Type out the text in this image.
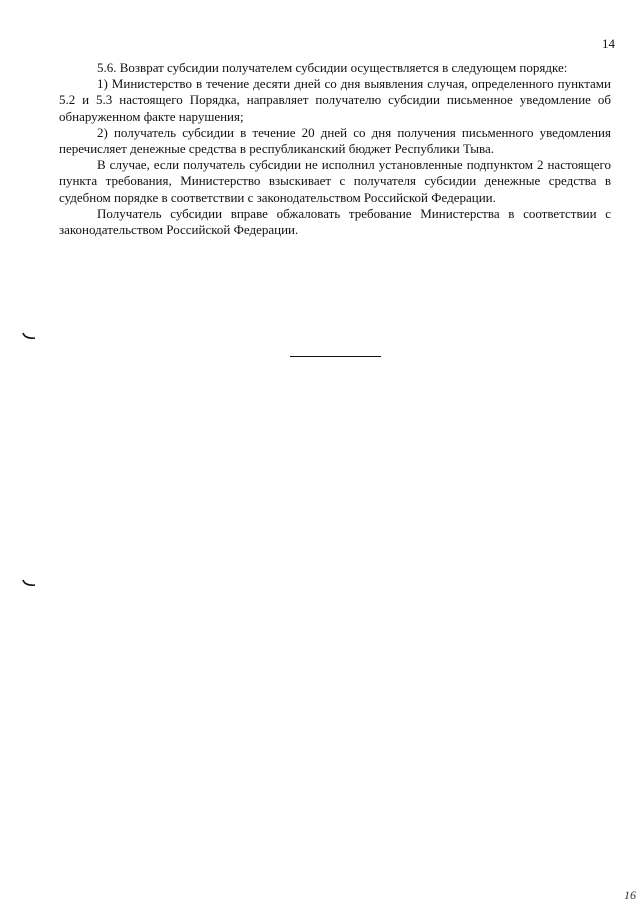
14

5.6. Возврат субсидии получателем субсидии осуществляется в следующем порядке:

1) Министерство в течение десяти дней со дня выявления случая, определенного пунктами 5.2 и 5.3 настоящего Порядка, направляет получателю субсидии письменное уведомление об обнаруженном факте нарушения;

2) получатель субсидии в течение 20 дней со дня получения письменного уведомления перечисляет денежные средства в республиканский бюджет Республики Тыва.

В случае, если получатель субсидии не исполнил установленные подпунктом 2 настоящего пункта требования, Министерство взыскивает с получателя субсидии денежные средства в судебном порядке в соответствии с законодательством Российской Федерации.

Получатель субсидии вправе обжаловать требование Министерства в соответствии с законодательством Российской Федерации.

16
